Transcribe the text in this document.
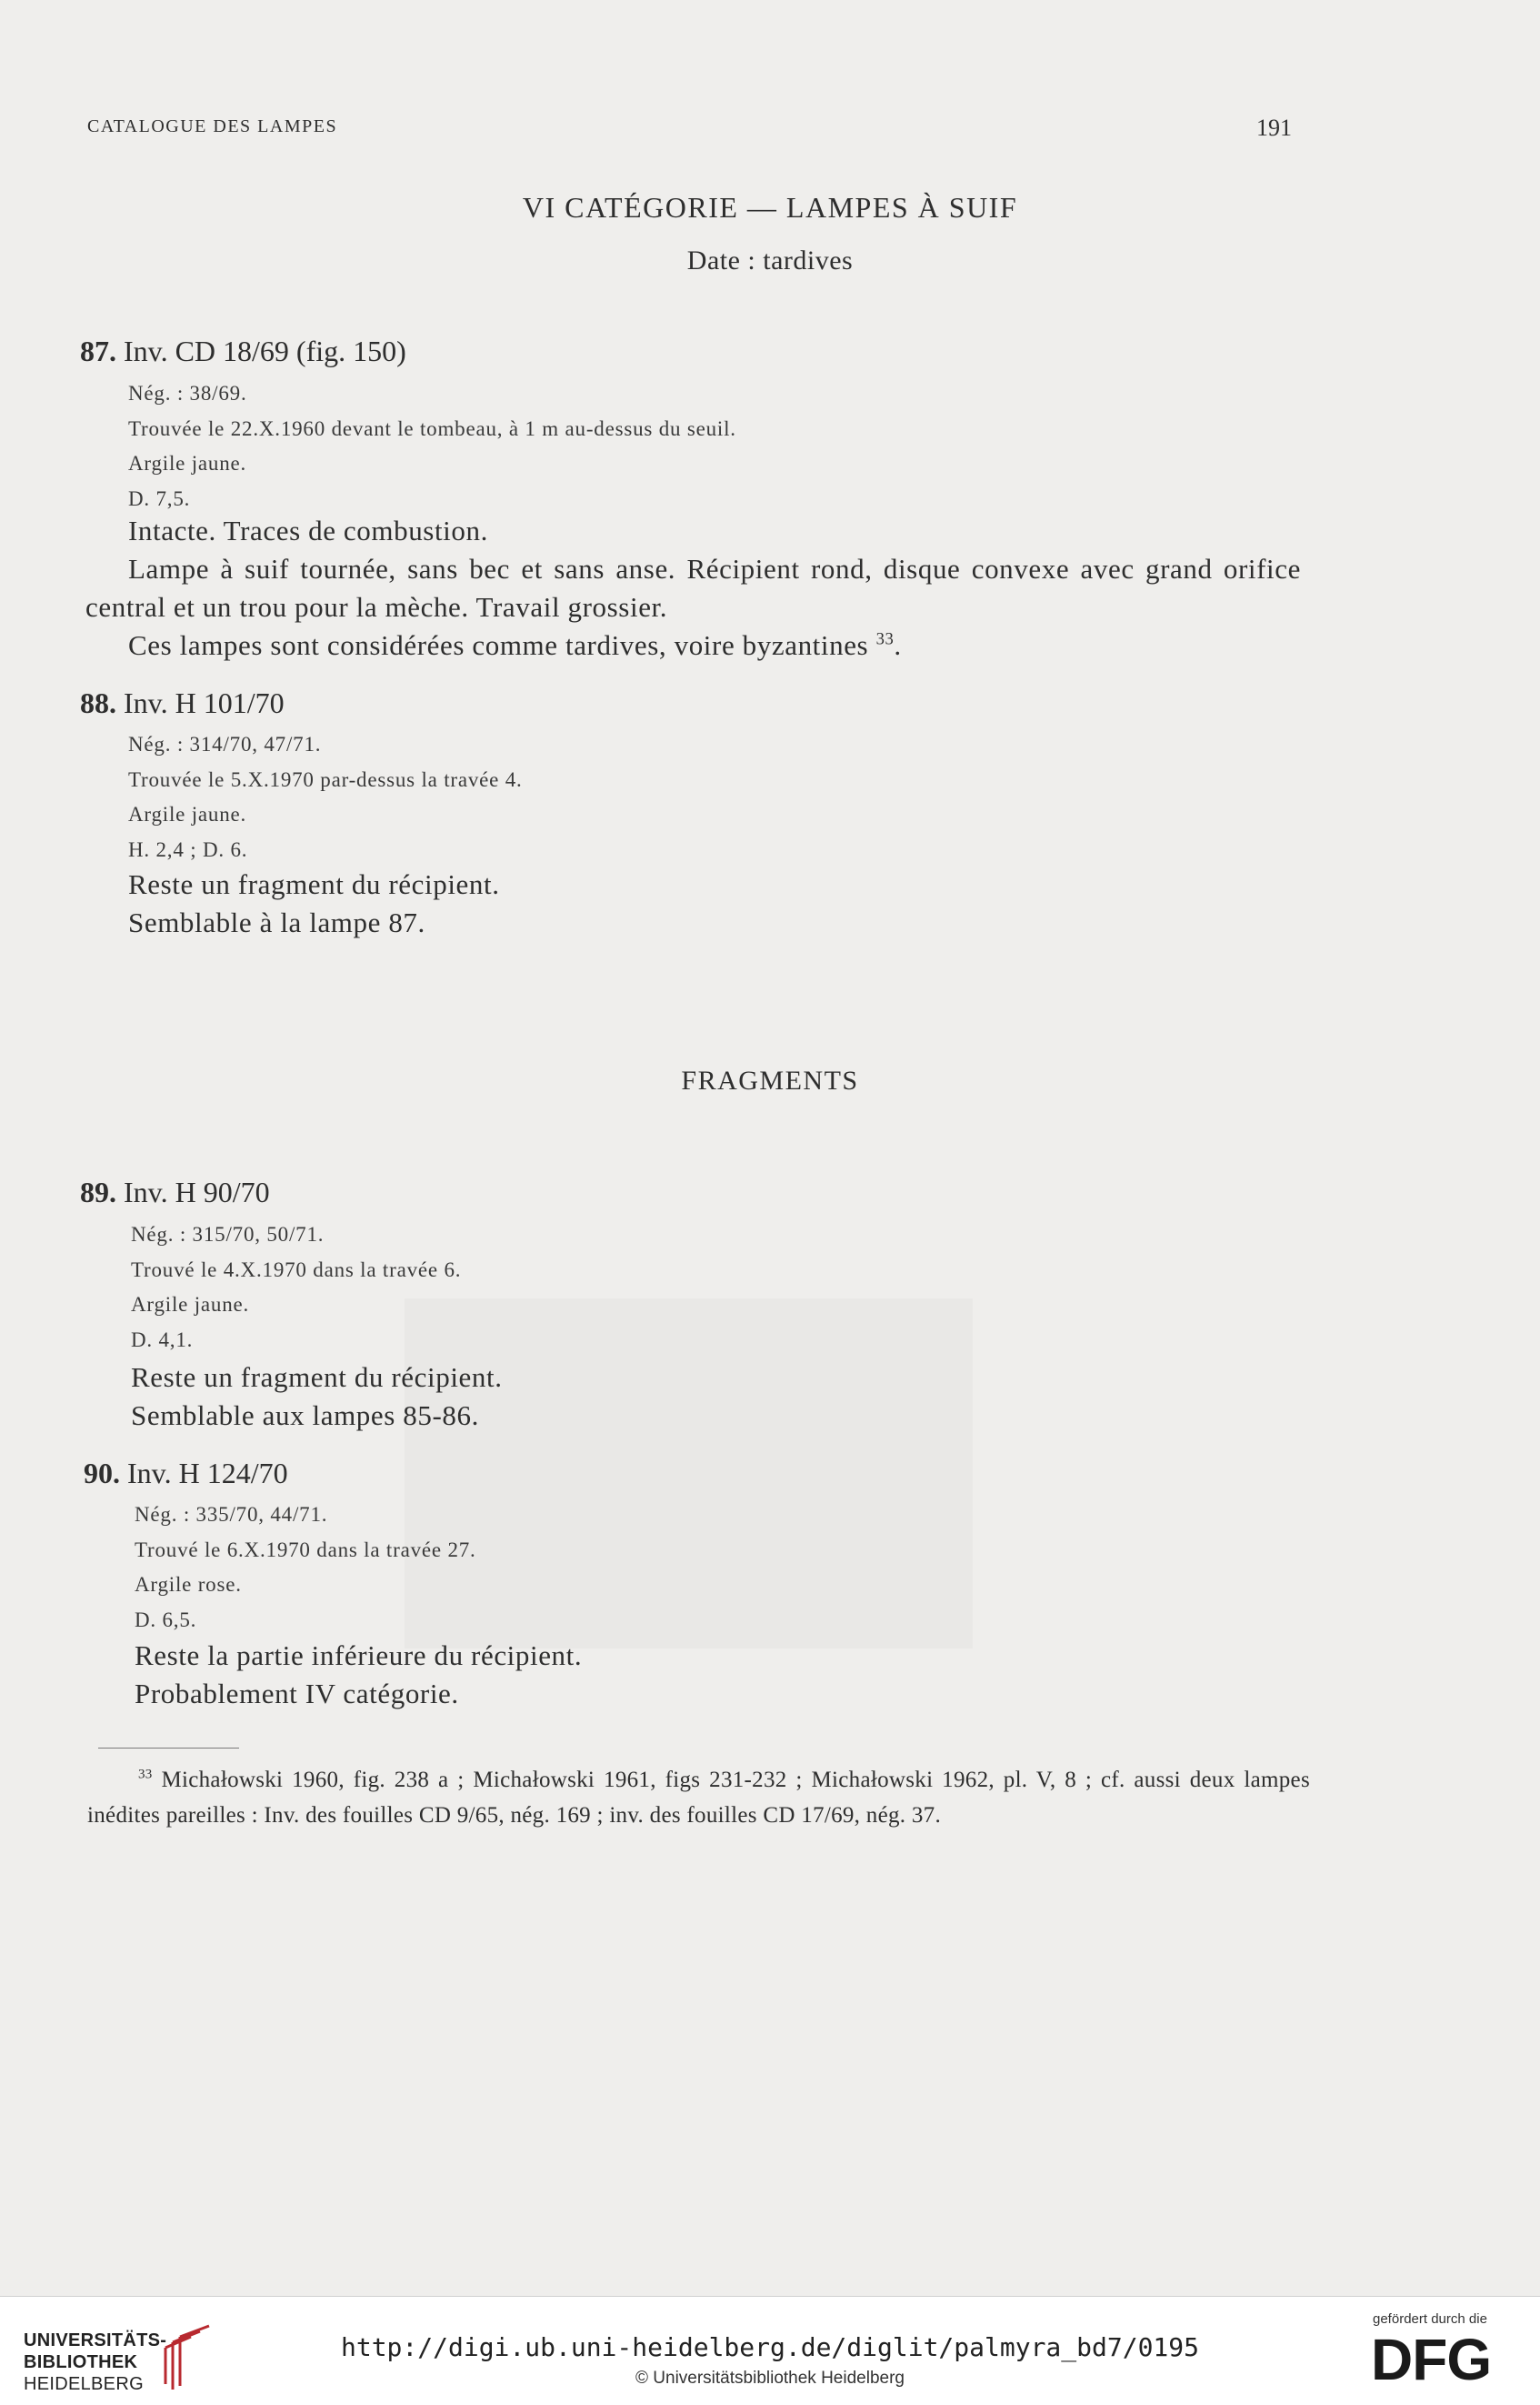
CATALOGUE DES LAMPES	191
VI CATÉGORIE — LAMPES À SUIF
Date : tardives
87. Inv. CD 18/69 (fig. 150)
Nég. : 38/69.
Trouvée le 22.X.1960 devant le tombeau, à 1 m au-dessus du seuil.
Argile jaune.
D. 7,5.

Intacte. Traces de combustion.

Lampe à suif tournée, sans bec et sans anse. Récipient rond, disque convexe avec grand orifice central et un trou pour la mèche. Travail grossier.

Ces lampes sont considérées comme tardives, voire byzantines $^{33}$.

88. Inv. H 101/70
Nég. : 314/70, 47/71.
Trouvée le 5.X.1970 par-dessus la travée 4.
Argile jaune.
H. 2,4 ; D. 6.

Reste un fragment du récipient.

Semblable à la lampe 87.

FRAGMENTS
89. Inv. H 90/70
Nég. : 315/70, 50/71.
Trouvé le 4.X.1970 dans la travée 6.
Argile jaune.
D. 4,1.

Reste un fragment du récipient.

Semblable aux lampes 85-86.

90. Inv. H 124/70
Nég. : 335/70, 44/71.
Trouvé le 6.X.1970 dans la travée 27.
Argile rose.
D. 6,5.

Reste la partie inférieure du récipient.

Probablement IV catégorie.

$^{33}$ Michałowski 1960, fig. 238 a ; Michałowski 1961, figs 231-232 ; Michałowski 1962, pl. V, 8 ; cf. aussi deux lampes inédites pareilles : Inv. des fouilles CD 9/65, nég. 169 ; inv. des fouilles CD 17/69, nég. 37.
UNIVERSITÄTS-
BIBLIOTHEK
HEIDELBERG
http://digi.ub.uni-heidelberg.de/diglit/palmyra_bd7/0195
© Universitätsbibliothek Heidelberg
gefördert durch die
DFG
